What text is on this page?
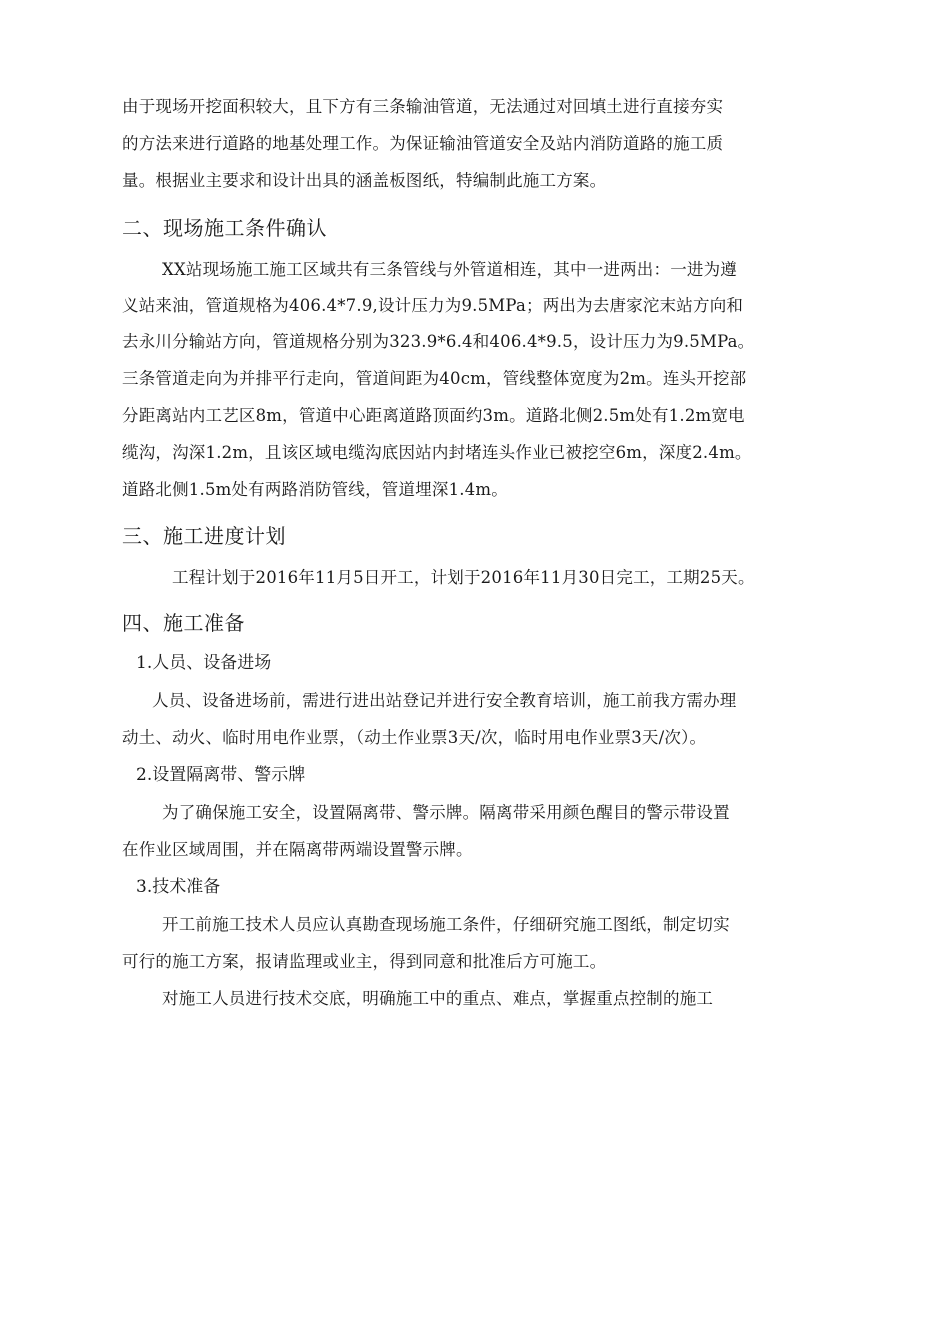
由于现场开挖面积较大，且下方有三条输油管道，无法通过对回填土进行直接夯实
的方法来进行道路的地基处理工作。为保证输油管道安全及站内消防道路的施工质
量。根据业主要求和设计出具的涵盖板图纸，特编制此施工方案。
二、现场施工条件确认
XX站现场施工施工区域共有三条管线与外管道相连，其中一进两出：一进为遵
义站来油，管道规格为406.4*7.9,设计压力为9.5MPa；两出为去唐家沱末站方向和
去永川分输站方向，管道规格分别为323.9*6.4和406.4*9.5，设计压力为9.5MPa。
三条管道走向为并排平行走向，管道间距为40cm，管线整体宽度为2m。连头开挖部
分距离站内工艺区8m，管道中心距离道路顶面约3m。道路北侧2.5m处有1.2m宽电
缆沟，沟深1.2m，且该区域电缆沟底因站内封堵连头作业已被挖空6m，深度2.4m。
道路北侧1.5m处有两路消防管线，管道埋深1.4m。
三、施工进度计划
工程计划于2016年11月5日开工，计划于2016年11月30日完工，工期25天。
四、施工准备
1.人员、设备进场
人员、设备进场前，需进行进出站登记并进行安全教育培训，施工前我方需办理
动土、动火、临时用电作业票，（动土作业票3天/次，临时用电作业票3天/次）。
2.设置隔离带、警示牌
为了确保施工安全，设置隔离带、警示牌。隔离带采用颜色醒目的警示带设置
在作业区域周围，并在隔离带两端设置警示牌。
3.技术准备
开工前施工技术人员应认真勘查现场施工条件，仔细研究施工图纸，制定切实
可行的施工方案，报请监理或业主，得到同意和批准后方可施工。
对施工人员进行技术交底，明确施工中的重点、难点，掌握重点控制的施工
